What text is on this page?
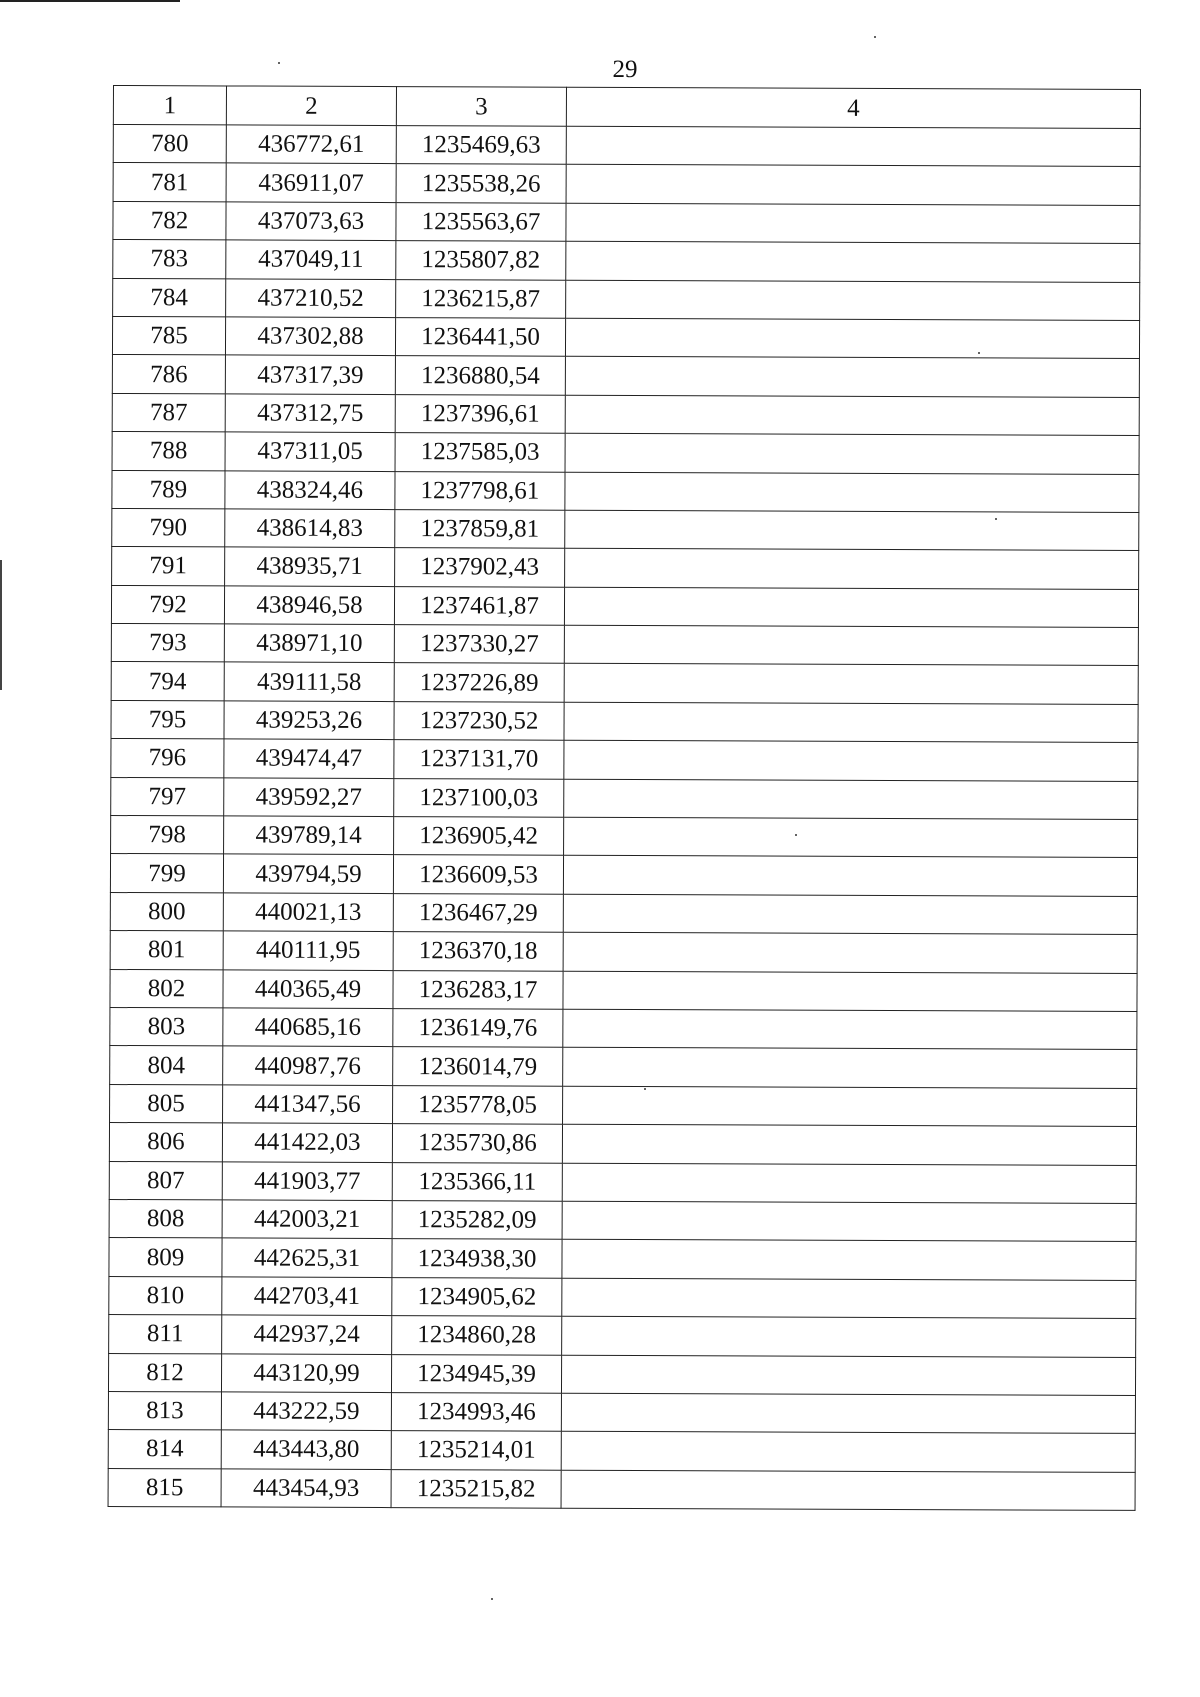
29
1	2	3	4
780	436772,61	1235469,63	
781	436911,07	1235538,26	
782	437073,63	1235563,67	
783	437049,11	1235807,82	
784	437210,52	1236215,87	
785	437302,88	1236441,50	
786	437317,39	1236880,54	
787	437312,75	1237396,61	
788	437311,05	1237585,03	
789	438324,46	1237798,61	
790	438614,83	1237859,81	
791	438935,71	1237902,43	
792	438946,58	1237461,87	
793	438971,10	1237330,27	
794	439111,58	1237226,89	
795	439253,26	1237230,52	
796	439474,47	1237131,70	
797	439592,27	1237100,03	
798	439789,14	1236905,42	
799	439794,59	1236609,53	
800	440021,13	1236467,29	
801	440111,95	1236370,18	
802	440365,49	1236283,17	
803	440685,16	1236149,76	
804	440987,76	1236014,79	
805	441347,56	1235778,05	
806	441422,03	1235730,86	
807	441903,77	1235366,11	
808	442003,21	1235282,09	
809	442625,31	1234938,30	
810	442703,41	1234905,62	
811	442937,24	1234860,28	
812	443120,99	1234945,39	
813	443222,59	1234993,46	
814	443443,80	1235214,01	
815	443454,93	1235215,82	
